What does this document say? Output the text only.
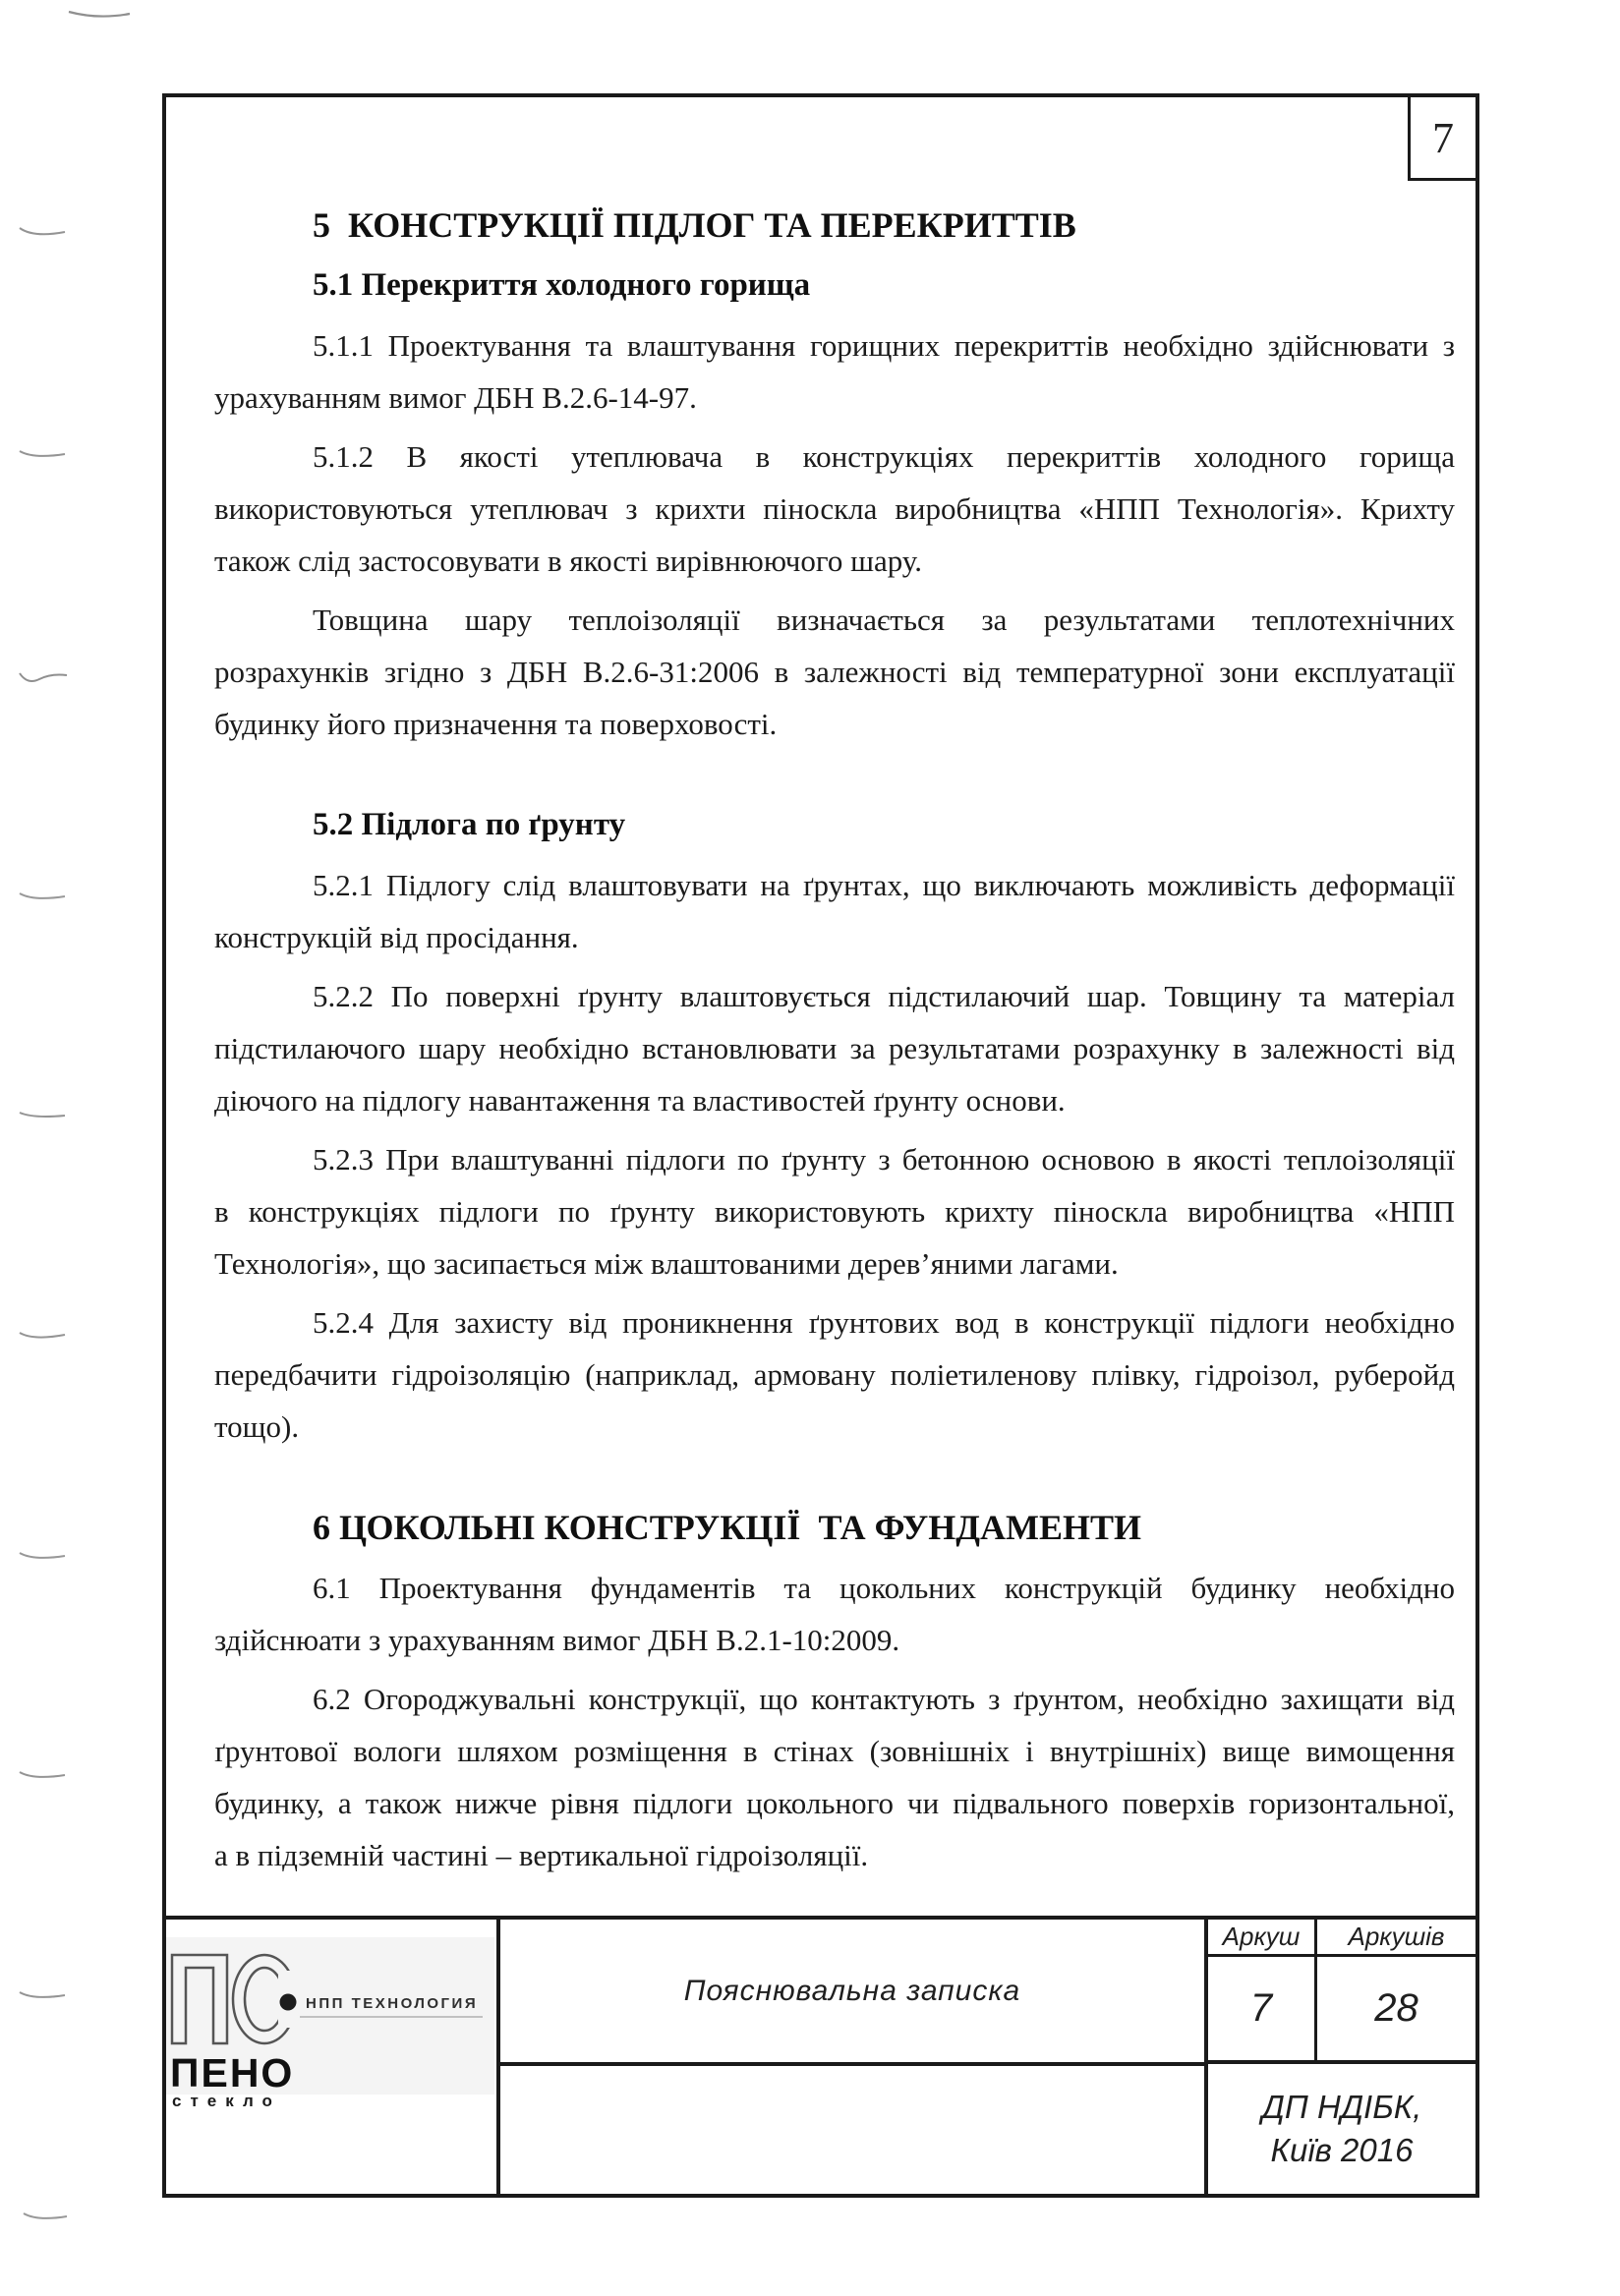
7
5  КОНСТРУКЦІЇ ПІДЛОГ ТА ПЕРЕКРИТТІВ
5.1 Перекриття холодного горища
5.1.1 Проектування та влаштування горищних перекриттів необхідно здійснювати з
урахуванням вимог ДБН В.2.6-14-97.
5.1.2 В якості утеплювача в конструкціях перекриттів холодного горища
використовуються утеплювач з крихти піноскла виробництва «НПП Технологія». Крихту
також слід застосовувати в якості вирівнюючого шару.
Товщина шару теплоізоляції визначається за результатами теплотехнічних
розрахунків згідно з ДБН В.2.6-31:2006 в залежності від температурної зони експлуатації
будинку його призначення та поверховості.
5.2 Підлога по ґрунту
5.2.1 Підлогу слід влаштовувати на ґрунтах, що виключають можливість деформації
конструкцій від просідання.
5.2.2 По поверхні ґрунту влаштовується підстилаючий шар. Товщину та матеріал
підстилаючого шару необхідно встановлювати за результатами розрахунку в залежності від
діючого на підлогу навантаження та властивостей ґрунту основи.
5.2.3 При влаштуванні підлоги по ґрунту з бетонною основою в якості теплоізоляції
в конструкціях підлоги по ґрунту використовують крихту піноскла виробництва «НПП
Технологія», що засипається між влаштованими дерев’яними лагами.
5.2.4 Для захисту від проникнення ґрунтових вод в конструкції підлоги необхідно
передбачити гідроізоляцію (наприклад, армовану поліетиленову плівку, гідроізол, руберойд
тощо).
6 ЦОКОЛЬНІ КОНСТРУКЦІЇ  ТА ФУНДАМЕНТИ
6.1 Проектування фундаментів та цокольних конструкцій будинку необхідно
здійснюати з урахуванням вимог ДБН В.2.1-10:2009.
6.2 Огороджувальні конструкції, що контактують з ґрунтом, необхідно захищати від
ґрунтової вологи шляхом розміщення в стінах (зовнішніх і внутрішніх) вище вимощення
будинку, а також нижче рівня підлоги цокольного чи підвального поверхів горизонтальної,
а в підземній частині – вертикальної гідроізоляції.
НПП ТЕХНОЛОГИЯ
ПЕНО
стекло
Пояснювальна записка
Аркуш Аркушів
7	28
ДП НДІБК,
Київ 2016
